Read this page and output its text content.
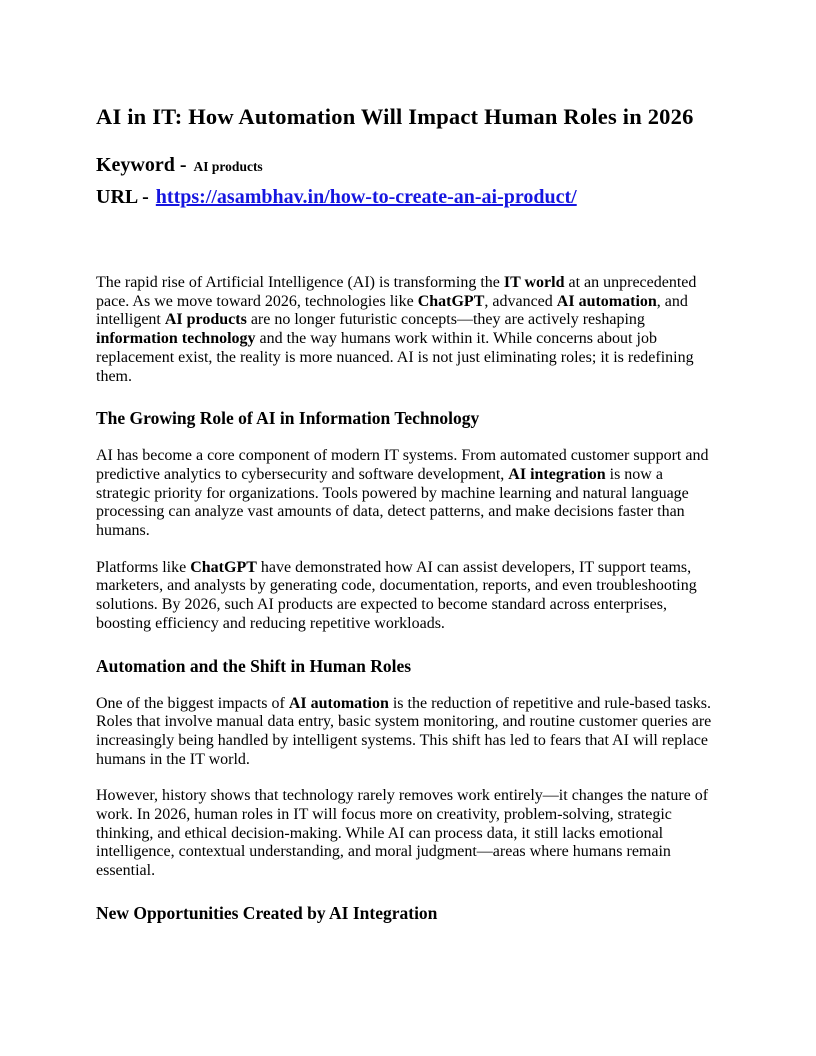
AI in IT: How Automation Will Impact Human Roles in 2026
Keyword - AI products
URL - https://asambhav.in/how-to-create-an-ai-product/

The rapid rise of Artificial Intelligence (AI) is transforming the IT world at an unprecedented pace. As we move toward 2026, technologies like ChatGPT, advanced AI automation, and intelligent AI products are no longer futuristic concepts—they are actively reshaping information technology and the way humans work within it. While concerns about job replacement exist, the reality is more nuanced. AI is not just eliminating roles; it is redefining them.

The Growing Role of AI in Information Technology

AI has become a core component of modern IT systems. From automated customer support and predictive analytics to cybersecurity and software development, AI integration is now a strategic priority for organizations. Tools powered by machine learning and natural language processing can analyze vast amounts of data, detect patterns, and make decisions faster than humans.

Platforms like ChatGPT have demonstrated how AI can assist developers, IT support teams, marketers, and analysts by generating code, documentation, reports, and even troubleshooting solutions. By 2026, such AI products are expected to become standard across enterprises, boosting efficiency and reducing repetitive workloads.

Automation and the Shift in Human Roles

One of the biggest impacts of AI automation is the reduction of repetitive and rule-based tasks. Roles that involve manual data entry, basic system monitoring, and routine customer queries are increasingly being handled by intelligent systems. This shift has led to fears that AI will replace humans in the IT world.

However, history shows that technology rarely removes work entirely—it changes the nature of work. In 2026, human roles in IT will focus more on creativity, problem-solving, strategic thinking, and ethical decision-making. While AI can process data, it still lacks emotional intelligence, contextual understanding, and moral judgment—areas where humans remain essential.

New Opportunities Created by AI Integration
